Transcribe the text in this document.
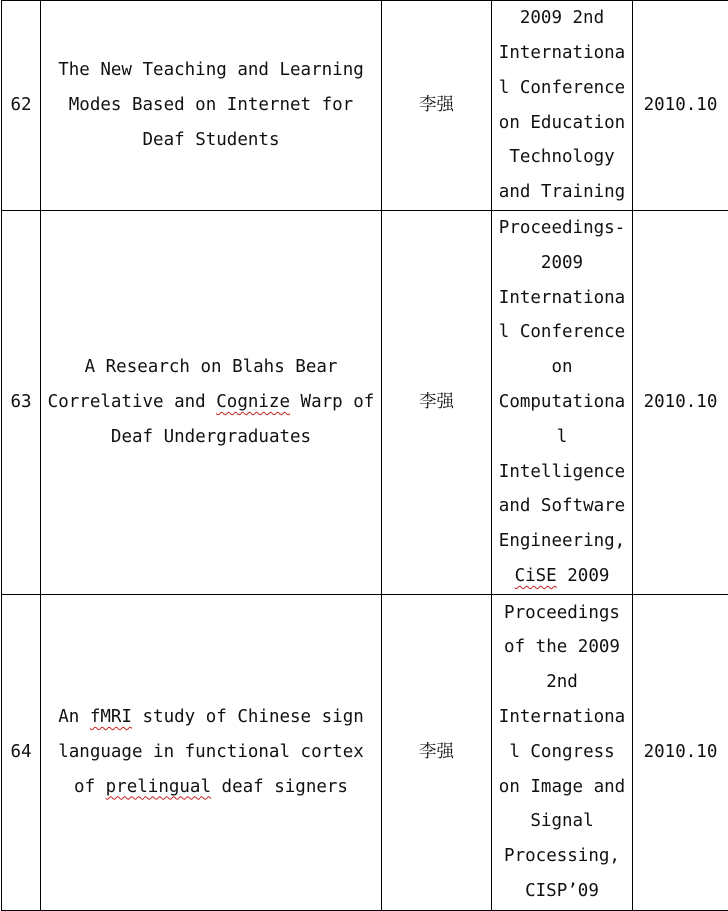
62	The New Teaching and Learning Modes Based on Internet for Deaf Students	李强	2009 2nd International Conference on Education Technology and Training	2010.10
63	A Research on Blahs Bear Correlative and Cognize Warp of Deaf Undergraduates	李强	Proceedings-2009 International Conference on Computational Intelligence and Software Engineering, CiSE 2009	2010.10
64	An fMRI study of Chinese sign language in functional cortex of prelingual deaf signers	李强	Proceedings of the 2009 2nd International Congress on Image and Signal Processing, CISP’09	2010.10
